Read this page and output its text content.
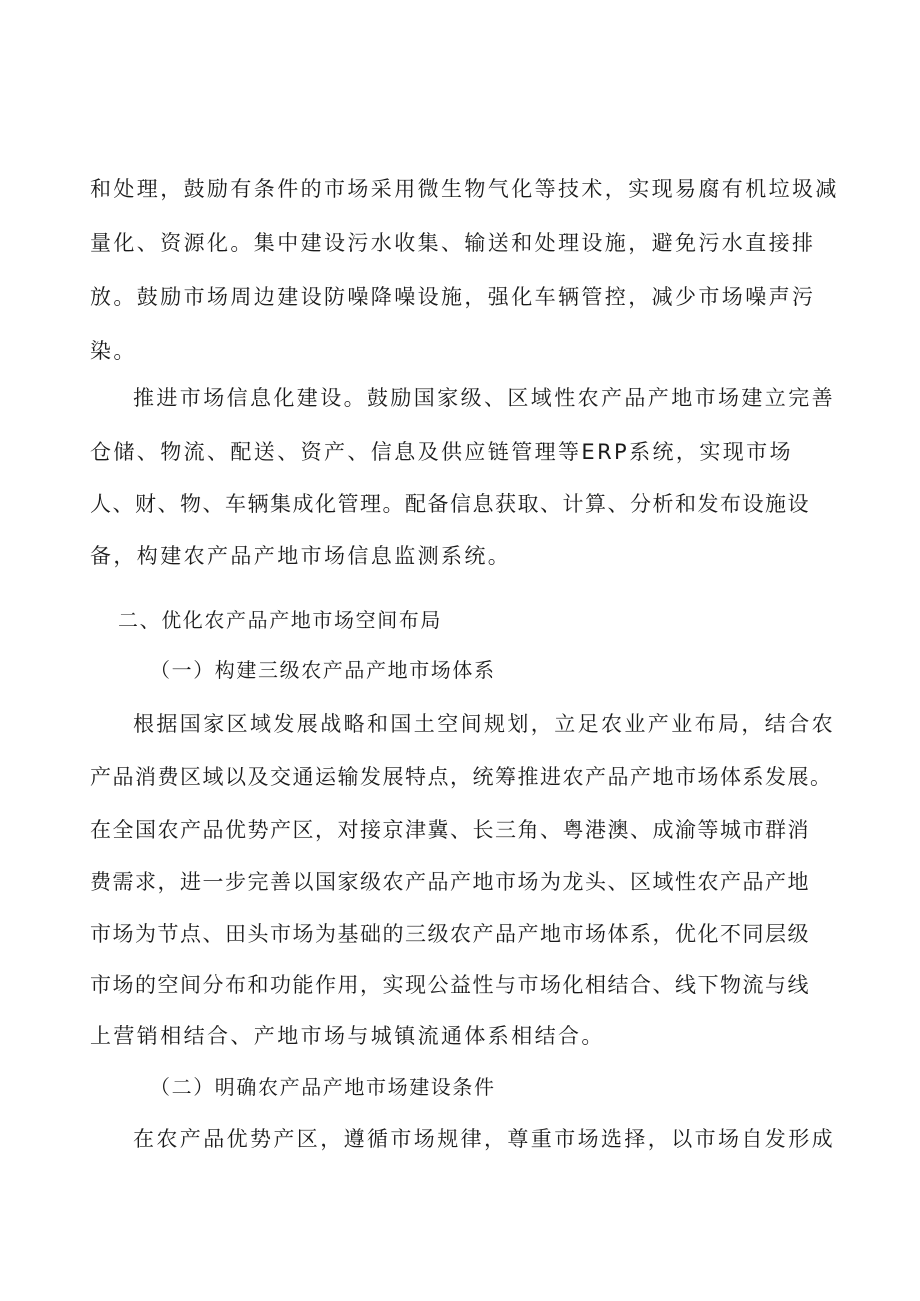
和处理，鼓励有条件的市场采用微生物气化等技术，实现易腐有机垃圾减
量化、资源化。集中建设污水收集、输送和处理设施，避免污水直接排
放。鼓励市场周边建设防噪降噪设施，强化车辆管控，减少市场噪声污
染。
推进市场信息化建设。鼓励国家级、区域性农产品产地市场建立完善
仓储、物流、配送、资产、信息及供应链管理等ERP系统，实现市场
人、财、物、车辆集成化管理。配备信息获取、计算、分析和发布设施设
备，构建农产品产地市场信息监测系统。
二、优化农产品产地市场空间布局
（一）构建三级农产品产地市场体系
根据国家区域发展战略和国土空间规划，立足农业产业布局，结合农
产品消费区域以及交通运输发展特点，统筹推进农产品产地市场体系发展。
在全国农产品优势产区，对接京津冀、长三角、粤港澳、成渝等城市群消
费需求，进一步完善以国家级农产品产地市场为龙头、区域性农产品产地
市场为节点、田头市场为基础的三级农产品产地市场体系，优化不同层级
市场的空间分布和功能作用，实现公益性与市场化相结合、线下物流与线
上营销相结合、产地市场与城镇流通体系相结合。
（二）明确农产品产地市场建设条件
在农产品优势产区，遵循市场规律，尊重市场选择，以市场自发形成
